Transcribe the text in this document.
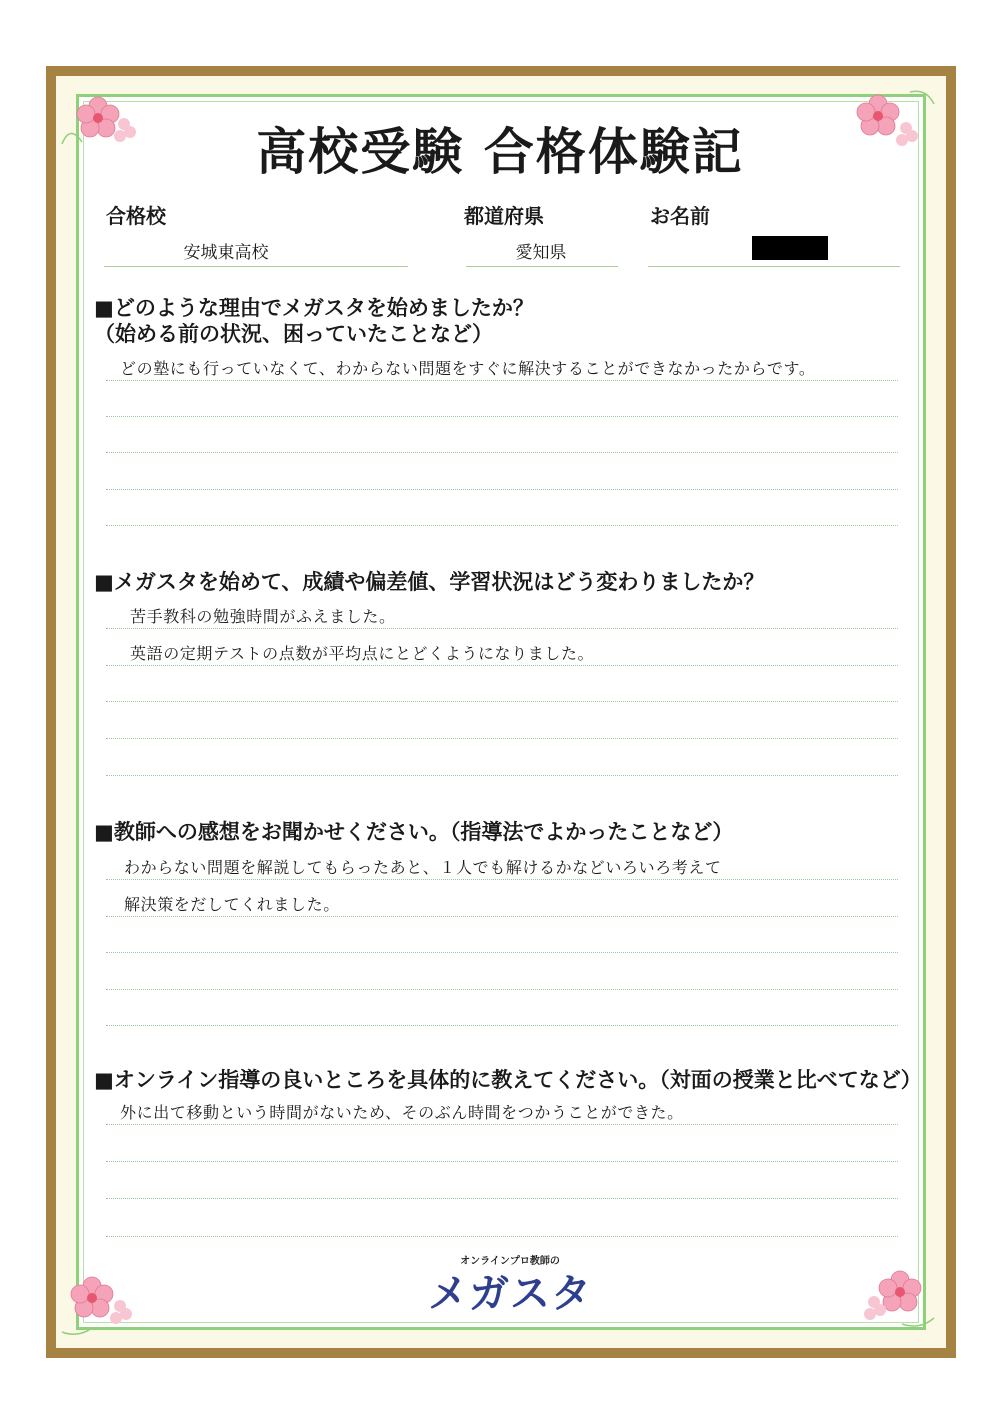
高校受験 合格体験記
合格校
安城東高校
都道府県
愛知県
お名前
■どのような理由でメガスタを始めましたか？
（始める前の状況、困っていたことなど）
どの塾にも行っていなくて、わからない問題をすぐに解決することができなかったからです。
■メガスタを始めて、成績や偏差値、学習状況はどう変わりましたか？
苦手教科の勉強時間がふえました。
英語の定期テストの点数が平均点にとどくようになりました。
■教師への感想をお聞かせください。（指導法でよかったことなど）
わからない問題を解説してもらったあと、１人でも解けるかなどいろいろ考えて
解決策をだしてくれました。
■オンライン指導の良いところを具体的に教えてください。（対面の授業と比べてなど）
外に出て移動という時間がないため、そのぶん時間をつかうことができた。
オンラインプロ教師の
メガスタ
